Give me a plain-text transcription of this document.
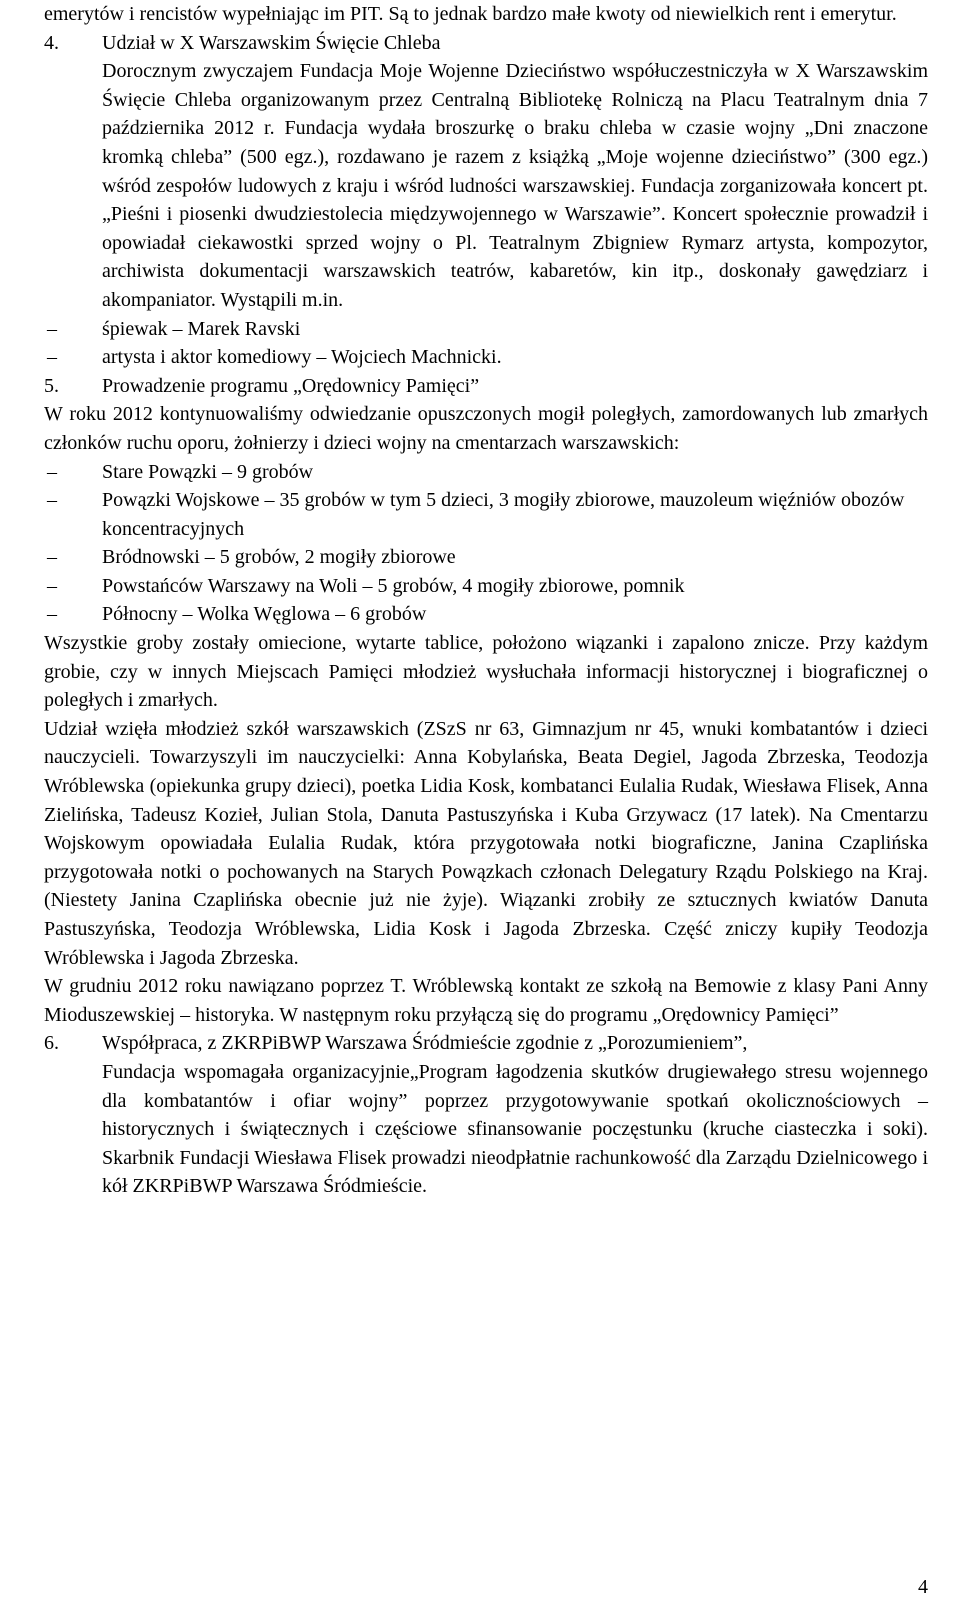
emerytów i rencistów wypełniając im PIT. Są to jednak bardzo małe kwoty od niewielkich rent i emerytur.

4.	Udział w X Warszawskim Święcie Chleba

Dorocznym zwyczajem Fundacja Moje Wojenne Dzieciństwo współuczestniczyła w X Warszawskim Święcie Chleba organizowanym przez Centralną Bibliotekę Rolniczą na Placu Teatralnym dnia 7 października 2012 r. Fundacja wydała broszurkę o braku chleba w czasie wojny „Dni znaczone kromką chleba” (500 egz.), rozdawano je razem z książką „Moje wojenne dzieciństwo” (300 egz.) wśród zespołów ludowych z kraju i wśród ludności warszawskiej. Fundacja zorganizowała koncert pt. „Pieśni i piosenki dwudziestolecia międzywojennego w Warszawie”. Koncert społecznie prowadził i opowiadał ciekawostki sprzed wojny o Pl. Teatralnym Zbigniew Rymarz artysta, kompozytor, archiwista dokumentacji warszawskich teatrów, kabaretów, kin itp., doskonały gawędziarz i akompaniator. Wystąpili m.in.

–	śpiewak – Marek Ravski
–	artysta i aktor komediowy – Wojciech Machnicki.
5.	Prowadzenie programu „Orędownicy Pamięci”

W roku 2012 kontynuowaliśmy odwiedzanie opuszczonych mogił poległych, zamordowanych lub zmarłych członków ruchu oporu, żołnierzy i dzieci wojny na cmentarzach warszawskich:

–	Stare Powązki – 9 grobów
–	Powązki Wojskowe – 35 grobów w tym 5 dzieci, 3 mogiły zbiorowe, mauzoleum więźniów obozów koncentracyjnych
–	Bródnowski – 5 grobów, 2 mogiły zbiorowe
–	Powstańców Warszawy na Woli – 5 grobów, 4 mogiły zbiorowe, pomnik
–	Północny – Wolka Węglowa – 6 grobów

Wszystkie groby zostały omiecione, wytarte tablice, położono wiązanki i zapalono znicze. Przy każdym grobie, czy w innych Miejscach Pamięci młodzież wysłuchała informacji historycznej i biograficznej o poległych i zmarłych.

Udział wzięła młodzież szkół warszawskich (ZSzS nr 63, Gimnazjum nr 45, wnuki kombatantów i dzieci nauczycieli. Towarzyszyli im nauczycielki: Anna Kobylańska, Beata Degiel, Jagoda Zbrzeska, Teodozja Wróblewska (opiekunka grupy dzieci), poetka Lidia Kosk, kombatanci Eulalia Rudak, Wiesława Flisek, Anna Zielińska, Tadeusz Kozieł, Julian Stola, Danuta Pastuszyńska i Kuba Grzywacz (17 latek). Na Cmentarzu Wojskowym opowiadała Eulalia Rudak, która przygotowała notki biograficzne, Janina Czaplińska przygotowała notki o pochowanych na Starych Powązkach członach Delegatury Rządu Polskiego na Kraj. (Niestety Janina Czaplińska obecnie już nie żyje). Wiązanki zrobiły ze sztucznych kwiatów Danuta Pastuszyńska, Teodozja Wróblewska, Lidia Kosk i Jagoda Zbrzeska. Część zniczy kupiły Teodozja Wróblewska i Jagoda Zbrzeska.

W grudniu 2012 roku nawiązano poprzez T. Wróblewską kontakt ze szkołą na Bemowie z klasy Pani Anny Mioduszewskiej – historyka. W następnym roku przyłączą się do programu „Orędownicy Pamięci”

6.	Współpraca, z ZKRPiBWP Warszawa Śródmieście zgodnie z „Porozumieniem”,

Fundacja wspomagała organizacyjnie„Program łagodzenia skutków drugiewałego stresu wojennego dla kombatantów i ofiar wojny” poprzez przygotowywanie spotkań okolicznościowych – historycznych i świątecznych i częściowe sfinansowanie poczęstunku (kruche ciasteczka i soki). Skarbnik Fundacji Wiesława Flisek prowadzi nieodpłatnie rachunkowość dla Zarządu Dzielnicowego i kół ZKRPiBWP Warszawa Śródmieście.

4
